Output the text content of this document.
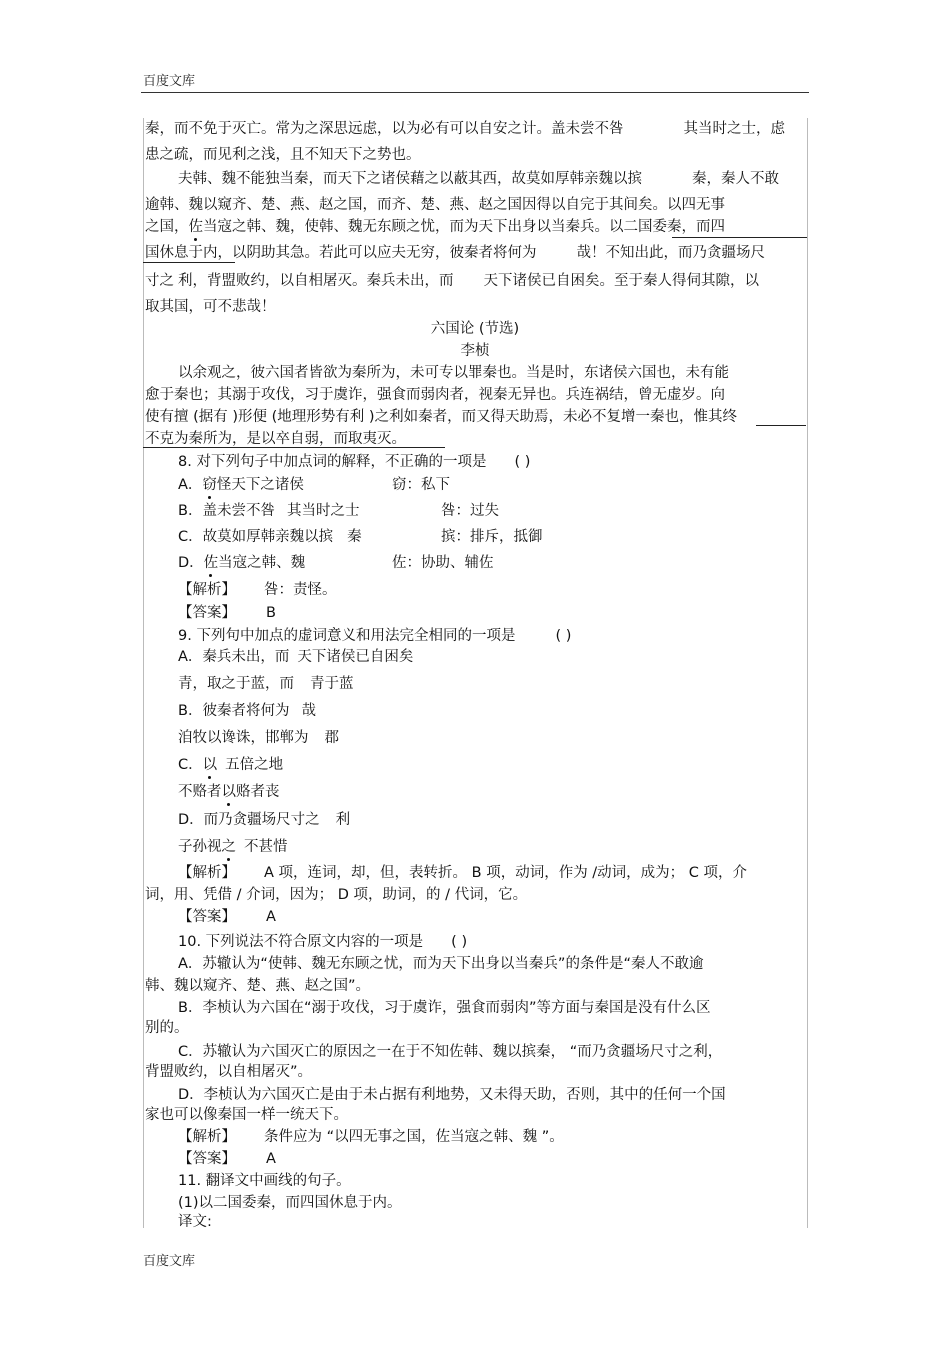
百度文库
百度文库
秦，而不免于灭亡。常为之深思远虑，以为必有可以自安之计。盖未尝不咎	其当时之士，虑
患之疏，而见利之浅，且不知天下之势也。
夫韩、魏不能独当秦，而天下之诸侯藉之以蔽其西，故莫如厚韩亲魏以摈	秦，秦人不敢
逾韩、魏以窥齐、楚、燕、赵之国，而齐、楚、燕、赵之国因得以自完于其间矣。以四无事
之国，佐当寇之韩、魏，使韩、魏无东顾之忧，而为天下出身以当秦兵。以二国委秦，而四
国休息于内，以阴助其急。若此可以应夫无穷，彼秦者将何为	哉！不知出此，而乃贪疆场尺
寸之 利，背盟败约，以自相屠灭。秦兵未出，而 天下诸侯已自困矣。至于秦人得伺其隙，以
取其国，可不悲哉！
六国论 (节选)
李桢
以余观之，彼六国者皆欲为秦所为，未可专以罪秦也。当是时，东诸侯六国也，未有能
愈于秦也；其溺于攻伐，习于虞诈，强食而弱肉者，视秦无异也。兵连祸结，曾无虚岁。向
使有擅 (据有 )形便 (地理形势有利 )之利如秦者，而又得天助焉，未必不复增一秦也，惟其终
不克为秦所为，是以卒自弱，而取夷灭。
8. 对下列句子中加点词的解释，不正确的一项是 ( )
A．窃怪天下之诸侯	窃：私下
B．盖未尝不咎 其当时之士	咎：过失
C．故莫如厚韩亲魏以摈 秦	摈：排斥，抵御
D．佐当寇之韩、魏	佐：协助、辅佐
【解析】 咎：责怪。
【答案】 B
9. 下列句中加点的虚词意义和用法完全相同的一项是	( )
A．秦兵未出，而 天下诸侯已自困矣
青，取之于蓝，而 青于蓝
B．彼秦者将何为 哉
洎牧以谗诛，邯郸为 郡
C．以 五倍之地
不赂者以赂者丧
D．而乃贪疆场尺寸之 利
子孙视之 不甚惜
【解析】 A 项，连词，却，但，表转折。 B 项，动词，作为 /动词，成为； C 项，介
词，用、凭借 / 介词，因为； D 项，助词，的 / 代词，它。
【答案】 A
10. 下列说法不符合原文内容的一项是 ( )
A．苏辙认为“使韩、魏无东顾之忧，而为天下出身以当秦兵”的条件是“秦人不敢逾
韩、魏以窥齐、楚、燕、赵之国”。
B．李桢认为六国在“溺于攻伐，习于虞诈，强食而弱肉”等方面与秦国是没有什么区
别的。
C．苏辙认为六国灭亡的原因之一在于不知佐韩、魏以摈秦， “而乃贪疆场尺寸之利，
背盟败约，以自相屠灭”。
D．李桢认为六国灭亡是由于未占据有利地势，又未得天助，否则，其中的任何一个国
家也可以像秦国一样一统天下。
【解析】 条件应为 “以四无事之国，佐当寇之韩、魏 ”。
【答案】 A
11. 翻译文中画线的句子。
(1)以二国委秦，而四国休息于内。
译文:
